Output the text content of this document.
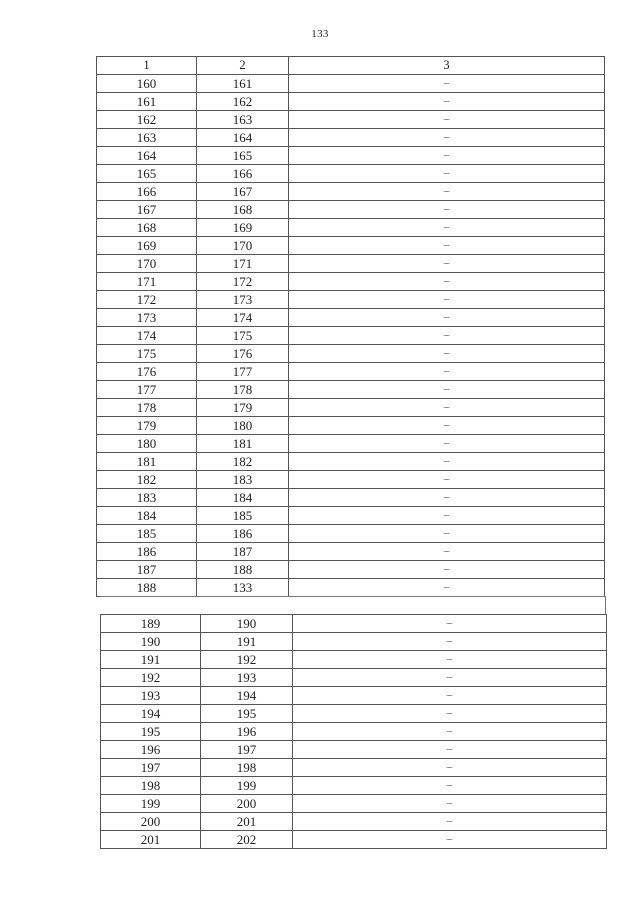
133
1	2	3
160	161	–
161	162	–
162	163	–
163	164	–
164	165	–
165	166	–
166	167	–
167	168	–
168	169	–
169	170	–
170	171	–
171	172	–
172	173	–
173	174	–
174	175	–
175	176	–
176	177	–
177	178	–
178	179	–
179	180	–
180	181	–
181	182	–
182	183	–
183	184	–
184	185	–
185	186	–
186	187	–
187	188	–
188	133	–
189	190	–
190	191	–
191	192	–
192	193	–
193	194	–
194	195	–
195	196	–
196	197	–
197	198	–
198	199	–
199	200	–
200	201	–
201	202	–
